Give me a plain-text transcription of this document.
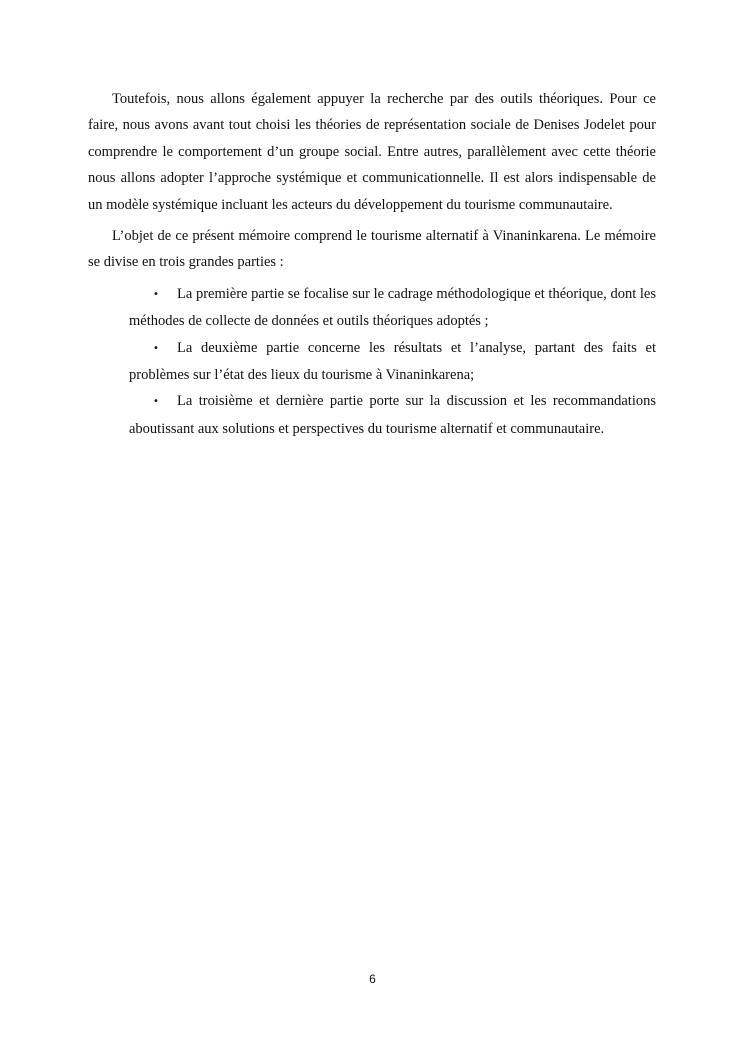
Toutefois, nous allons également appuyer la recherche par des outils théoriques. Pour ce faire, nous avons avant tout choisi les théories de représentation sociale de Denises Jodelet pour comprendre le comportement d’un groupe social. Entre autres, parallèlement avec cette théorie nous allons adopter l’approche systémique et communicationnelle. Il est alors indispensable de un modèle systémique incluant les acteurs du développement du tourisme communautaire.

L’objet de ce présent mémoire comprend le tourisme alternatif à Vinaninkarena. Le mémoire se divise en trois grandes parties :

• La première partie se focalise sur le cadrage méthodologique et théorique, dont les méthodes de collecte de données et outils théoriques adoptés ;
• La deuxième partie concerne les résultats et l’analyse, partant des faits et problèmes sur l’état des lieux du tourisme à Vinaninkarena;
• La troisième et dernière partie porte sur la discussion et les recommandations aboutissant aux solutions et perspectives du tourisme alternatif et communautaire.
6
